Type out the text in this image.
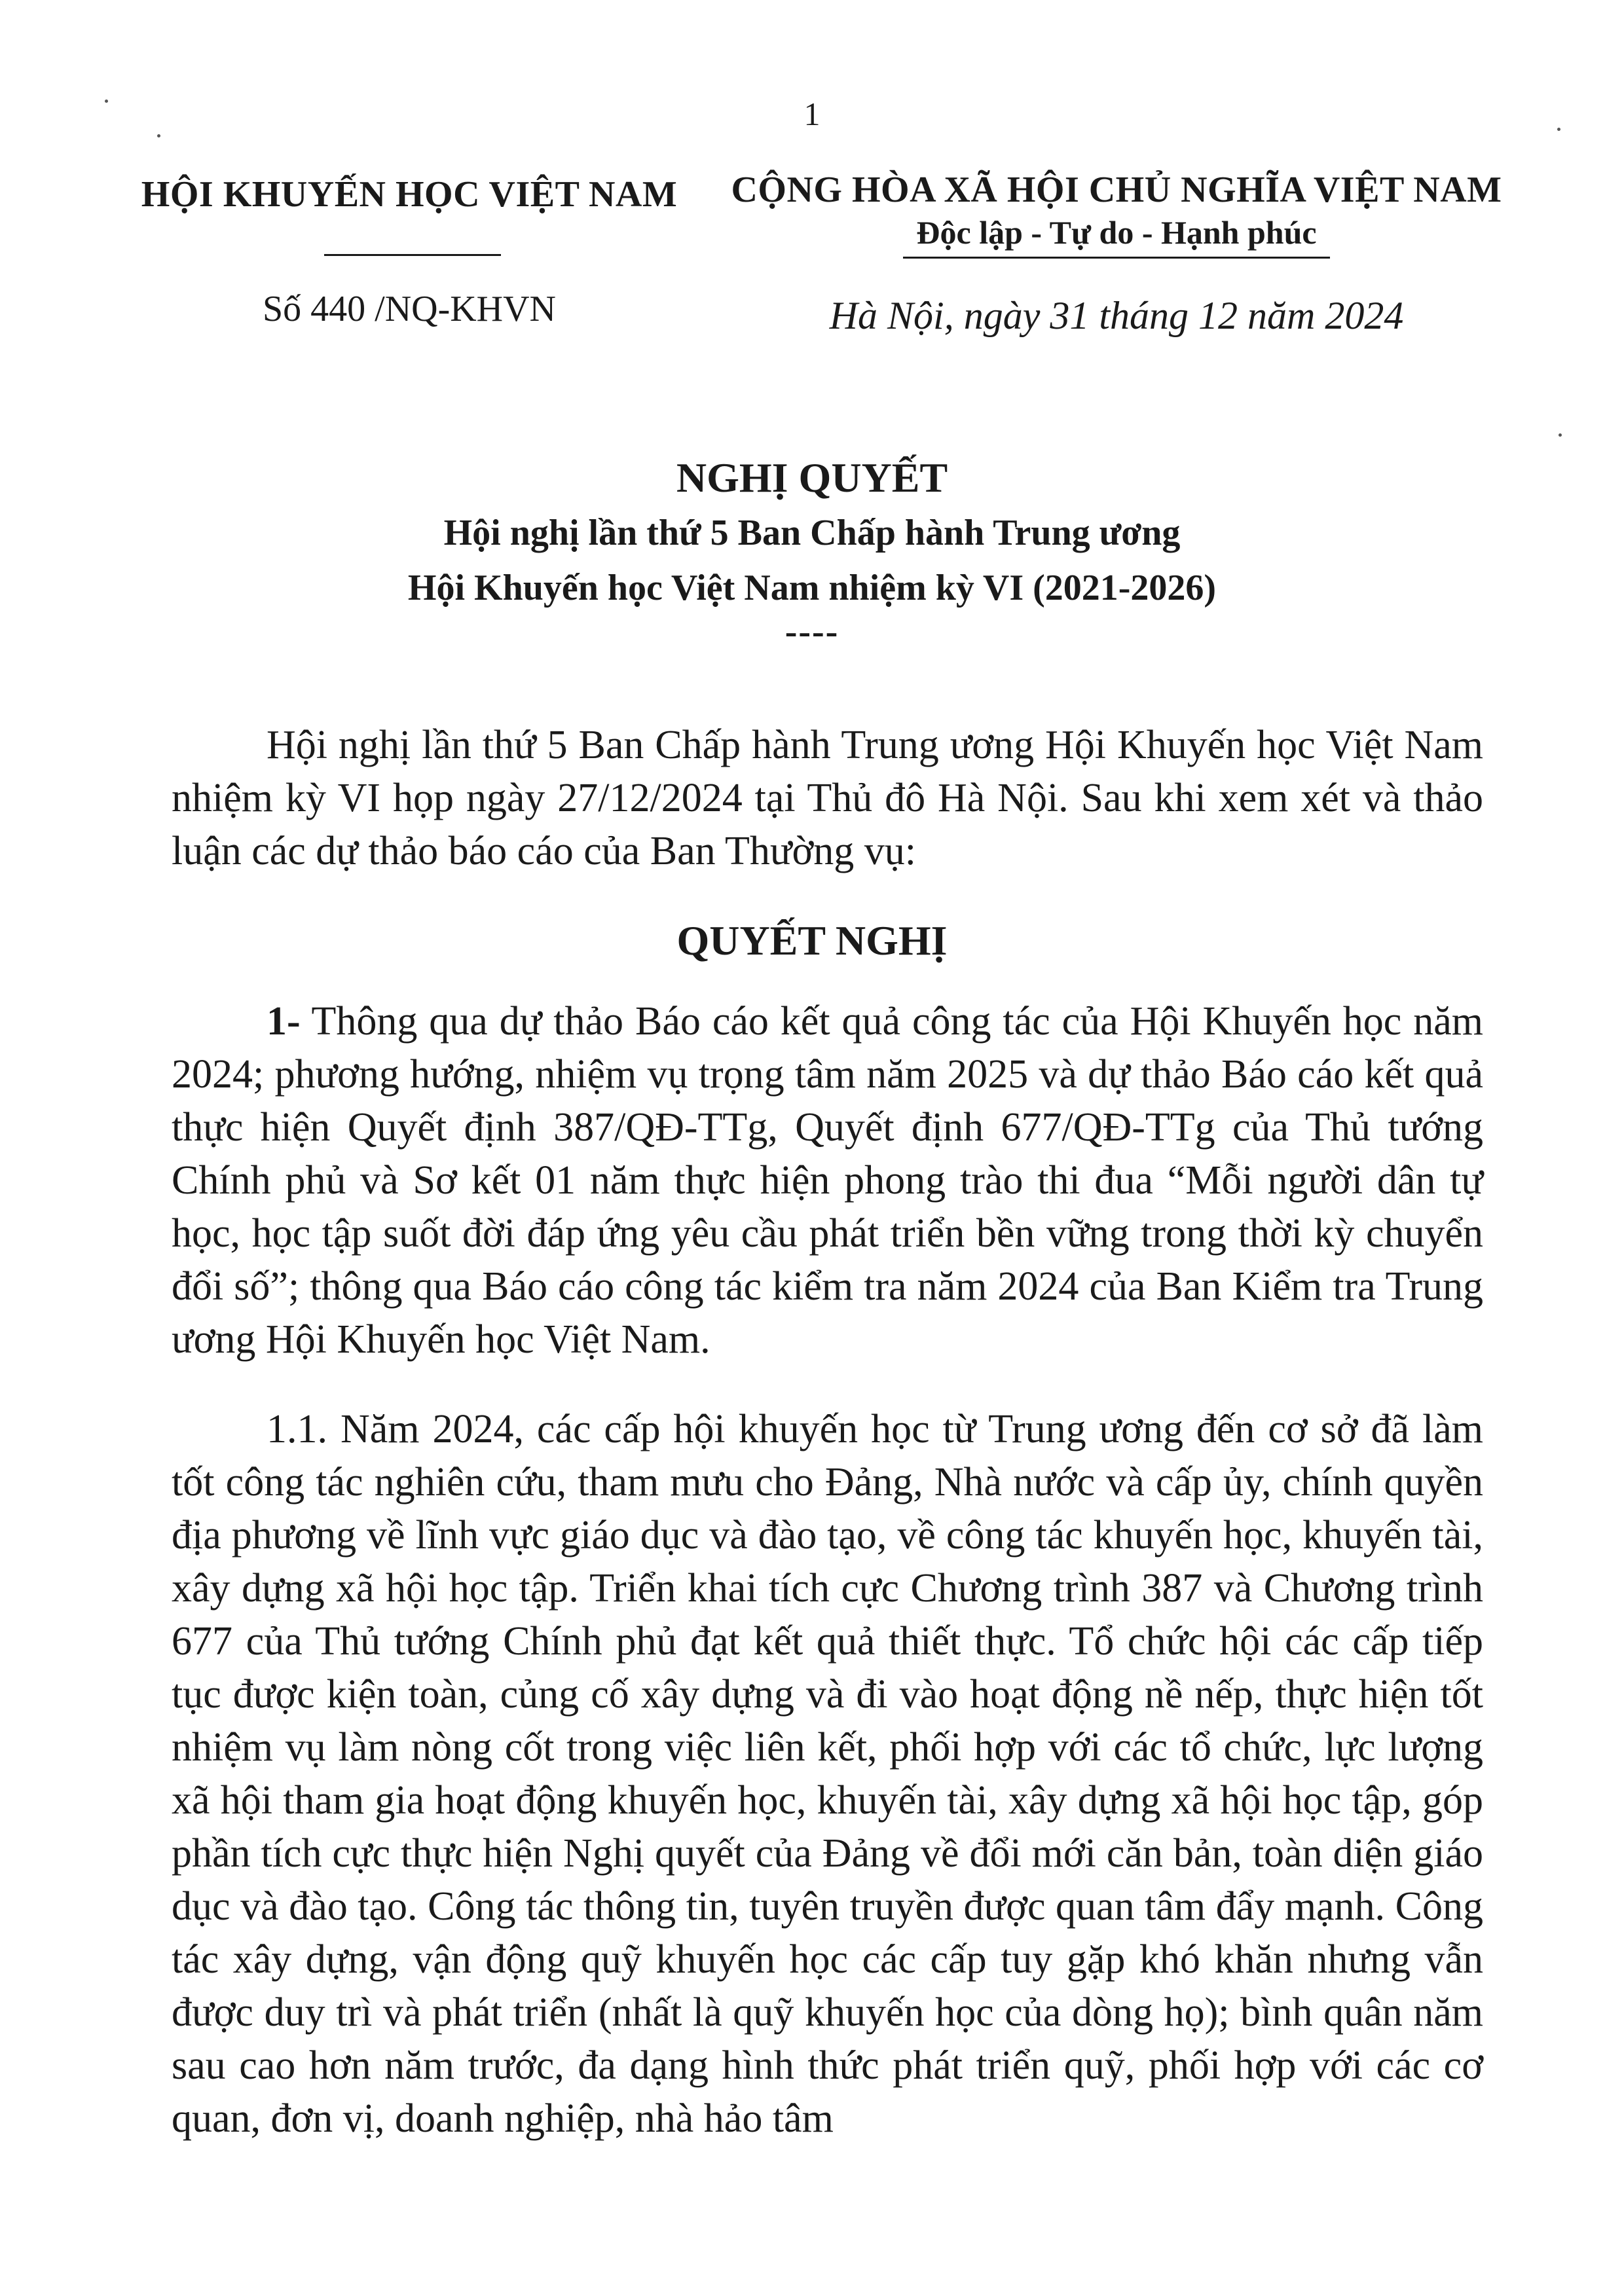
1
HỘI KHUYẾN HỌC VIỆT NAM	CỘNG HÒA XÃ HỘI CHỦ NGHĨA VIỆT NAM
Độc lập - Tự do - Hạnh phúc
Số 440 /NQ-KHVN	Hà Nội, ngày 31 tháng 12 năm 2024
NGHỊ QUYẾT
Hội nghị lần thứ 5 Ban Chấp hành Trung ương
Hội Khuyến học Việt Nam nhiệm kỳ VI (2021-2026)
----

Hội nghị lần thứ 5 Ban Chấp hành Trung ương Hội Khuyến học Việt Nam nhiệm kỳ VI họp ngày 27/12/2024 tại Thủ đô Hà Nội. Sau khi xem xét và thảo luận các dự thảo báo cáo của Ban Thường vụ:

QUYẾT NGHỊ

1- Thông qua dự thảo Báo cáo kết quả công tác của Hội Khuyến học năm 2024; phương hướng, nhiệm vụ trọng tâm năm 2025 và dự thảo Báo cáo kết quả thực hiện Quyết định 387/QĐ-TTg, Quyết định 677/QĐ-TTg của Thủ tướng Chính phủ và Sơ kết 01 năm thực hiện phong trào thi đua “Mỗi người dân tự học, học tập suốt đời đáp ứng yêu cầu phát triển bền vững trong thời kỳ chuyển đổi số”; thông qua Báo cáo công tác kiểm tra năm 2024 của Ban Kiểm tra Trung ương Hội Khuyến học Việt Nam.

1.1. Năm 2024, các cấp hội khuyến học từ Trung ương đến cơ sở đã làm tốt công tác nghiên cứu, tham mưu cho Đảng, Nhà nước và cấp ủy, chính quyền địa phương về lĩnh vực giáo dục và đào tạo, về công tác khuyến học, khuyến tài, xây dựng xã hội học tập. Triển khai tích cực Chương trình 387 và Chương trình 677 của Thủ tướng Chính phủ đạt kết quả thiết thực. Tổ chức hội các cấp tiếp tục được kiện toàn, củng cố xây dựng và đi vào hoạt động nề nếp, thực hiện tốt nhiệm vụ làm nòng cốt trong việc liên kết, phối hợp với các tổ chức, lực lượng xã hội tham gia hoạt động khuyến học, khuyến tài, xây dựng xã hội học tập, góp phần tích cực thực hiện Nghị quyết của Đảng về đổi mới căn bản, toàn diện giáo dục và đào tạo. Công tác thông tin, tuyên truyền được quan tâm đẩy mạnh. Công tác xây dựng, vận động quỹ khuyến học các cấp tuy gặp khó khăn nhưng vẫn được duy trì và phát triển (nhất là quỹ khuyến học của dòng họ); bình quân năm sau cao hơn năm trước, đa dạng hình thức phát triển quỹ, phối hợp với các cơ quan, đơn vị, doanh nghiệp, nhà hảo tâm
